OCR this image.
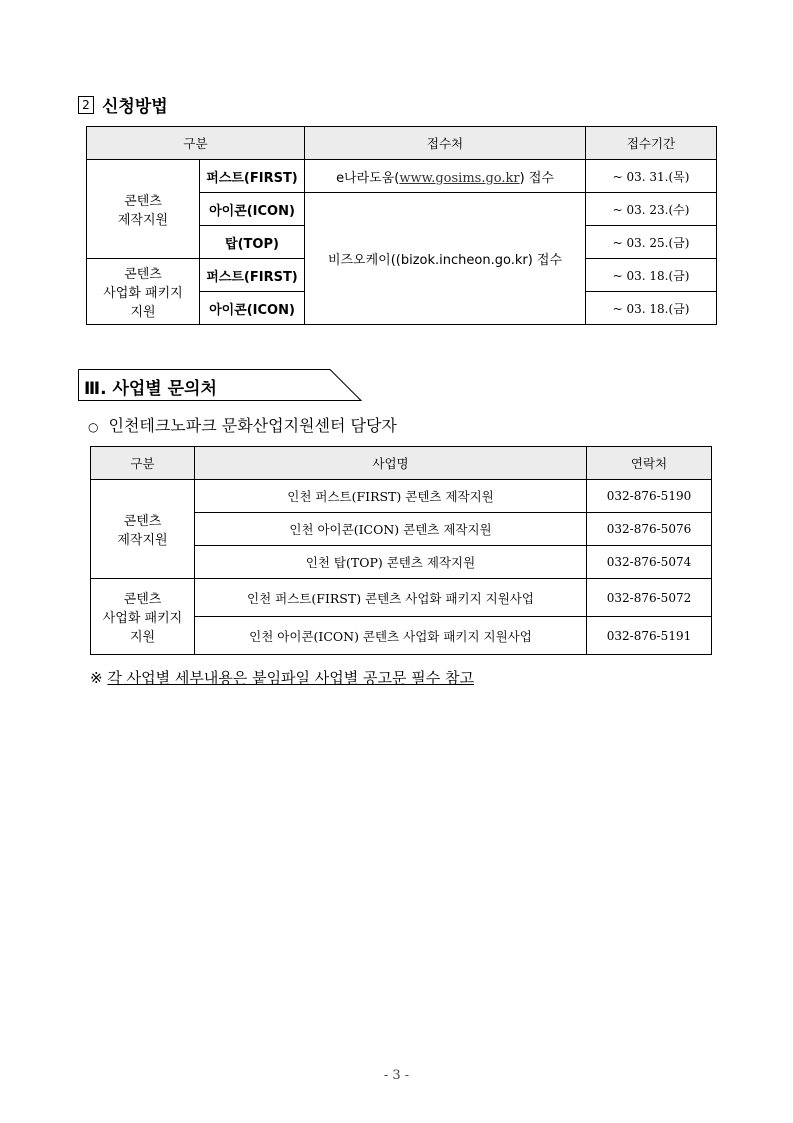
2 신청방법
구분		접수처	접수기간
콘텐츠
제작지원	퍼스트(FIRST)	e나라도움(www.gosims.go.kr) 접수	~ 03. 31.(목)
	아이콘(ICON)	비즈오케이((bizok.incheon.go.kr) 접수	~ 03. 23.(수)
	탑(TOP)		~ 03. 25.(금)
콘텐츠
사업화 패키지
지원	퍼스트(FIRST)		~ 03. 18.(금)
	아이콘(ICON)		~ 03. 18.(금)
Ⅲ. 사업별 문의처
○ 인천테크노파크 문화산업지원센터 담당자
구분	사업명	연락처
콘텐츠
제작지원	인천 퍼스트(FIRST) 콘텐츠 제작지원	032-876-5190
	인천 아이콘(ICON) 콘텐츠 제작지원	032-876-5076
	인천 탑(TOP) 콘텐츠 제작지원	032-876-5074
콘텐츠
사업화 패키지
지원	인천 퍼스트(FIRST) 콘텐츠 사업화 패키지 지원사업	032-876-5072
	인천 아이콘(ICON) 콘텐츠 사업화 패키지 지원사업	032-876-5191
※ 각 사업별 세부내용은 붙임파일 사업별 공고문 필수 참고
- 3 -
